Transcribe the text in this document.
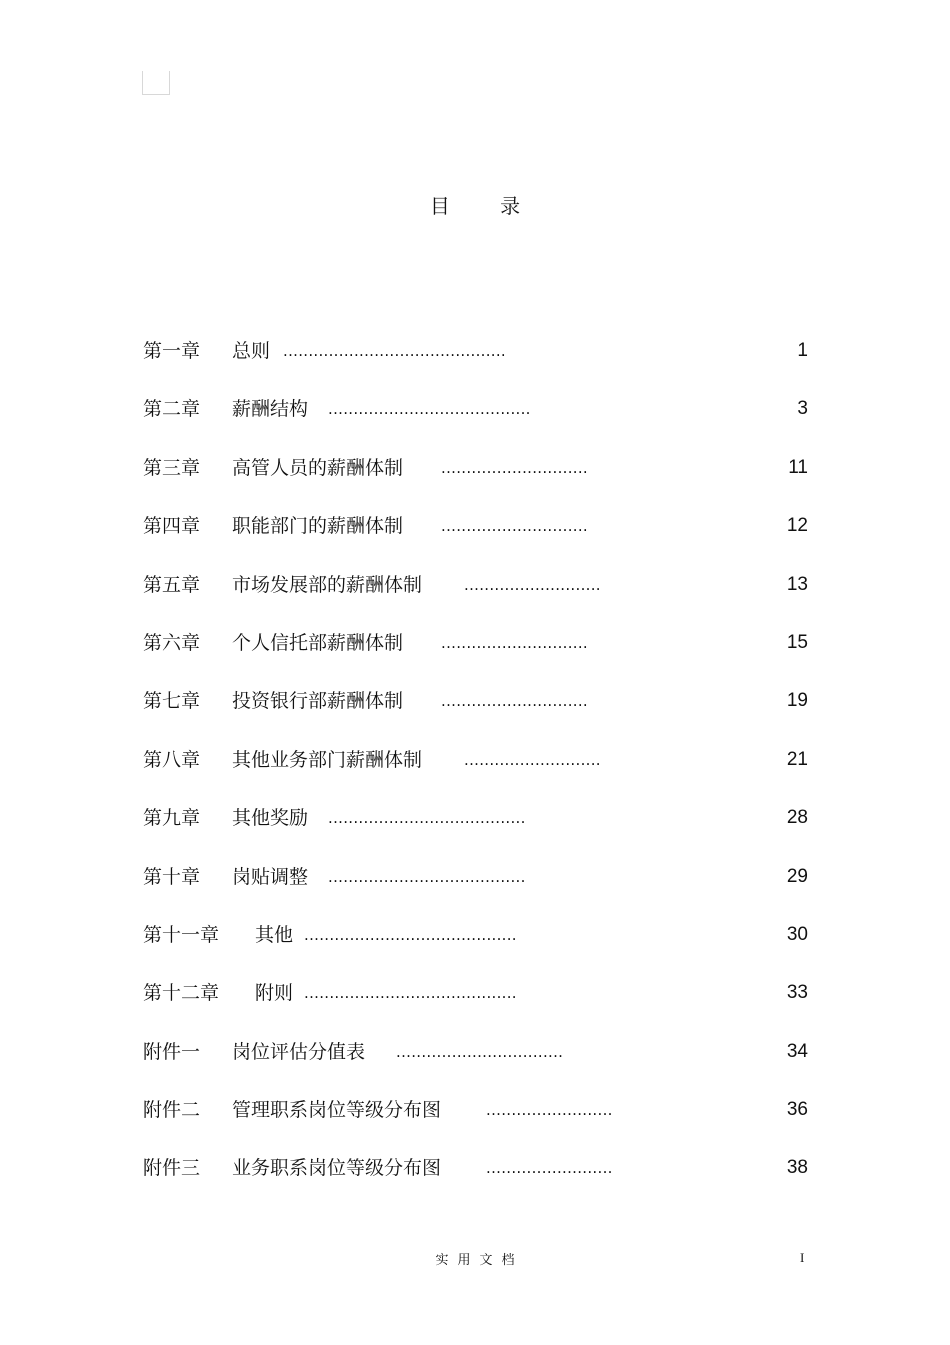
目 录
第一章 总则 ............................................	1
第二章 薪酬结构 ........................................	3
第三章 高管人员的薪酬体制	.............................	11
第四章 职能部门的薪酬体制	.............................	12
第五章 市场发展部的薪酬体制	...........................	13
第六章 个人信托部薪酬体制	.............................	15
第七章 投资银行部薪酬体制	.............................	19
第八章 其他业务部门薪酬体制	...........................	21
第九章 其他奖励 .......................................	28
第十章 岗贴调整 .......................................	29
第十一章 其他 ..........................................	30
第十二章 附则 ..........................................	33
附件一 岗位评估分值表 .................................	34
附件二 管理职系岗位等级分布图	.........................	36
附件三 业务职系岗位等级分布图	.........................	38
实用文档	I
